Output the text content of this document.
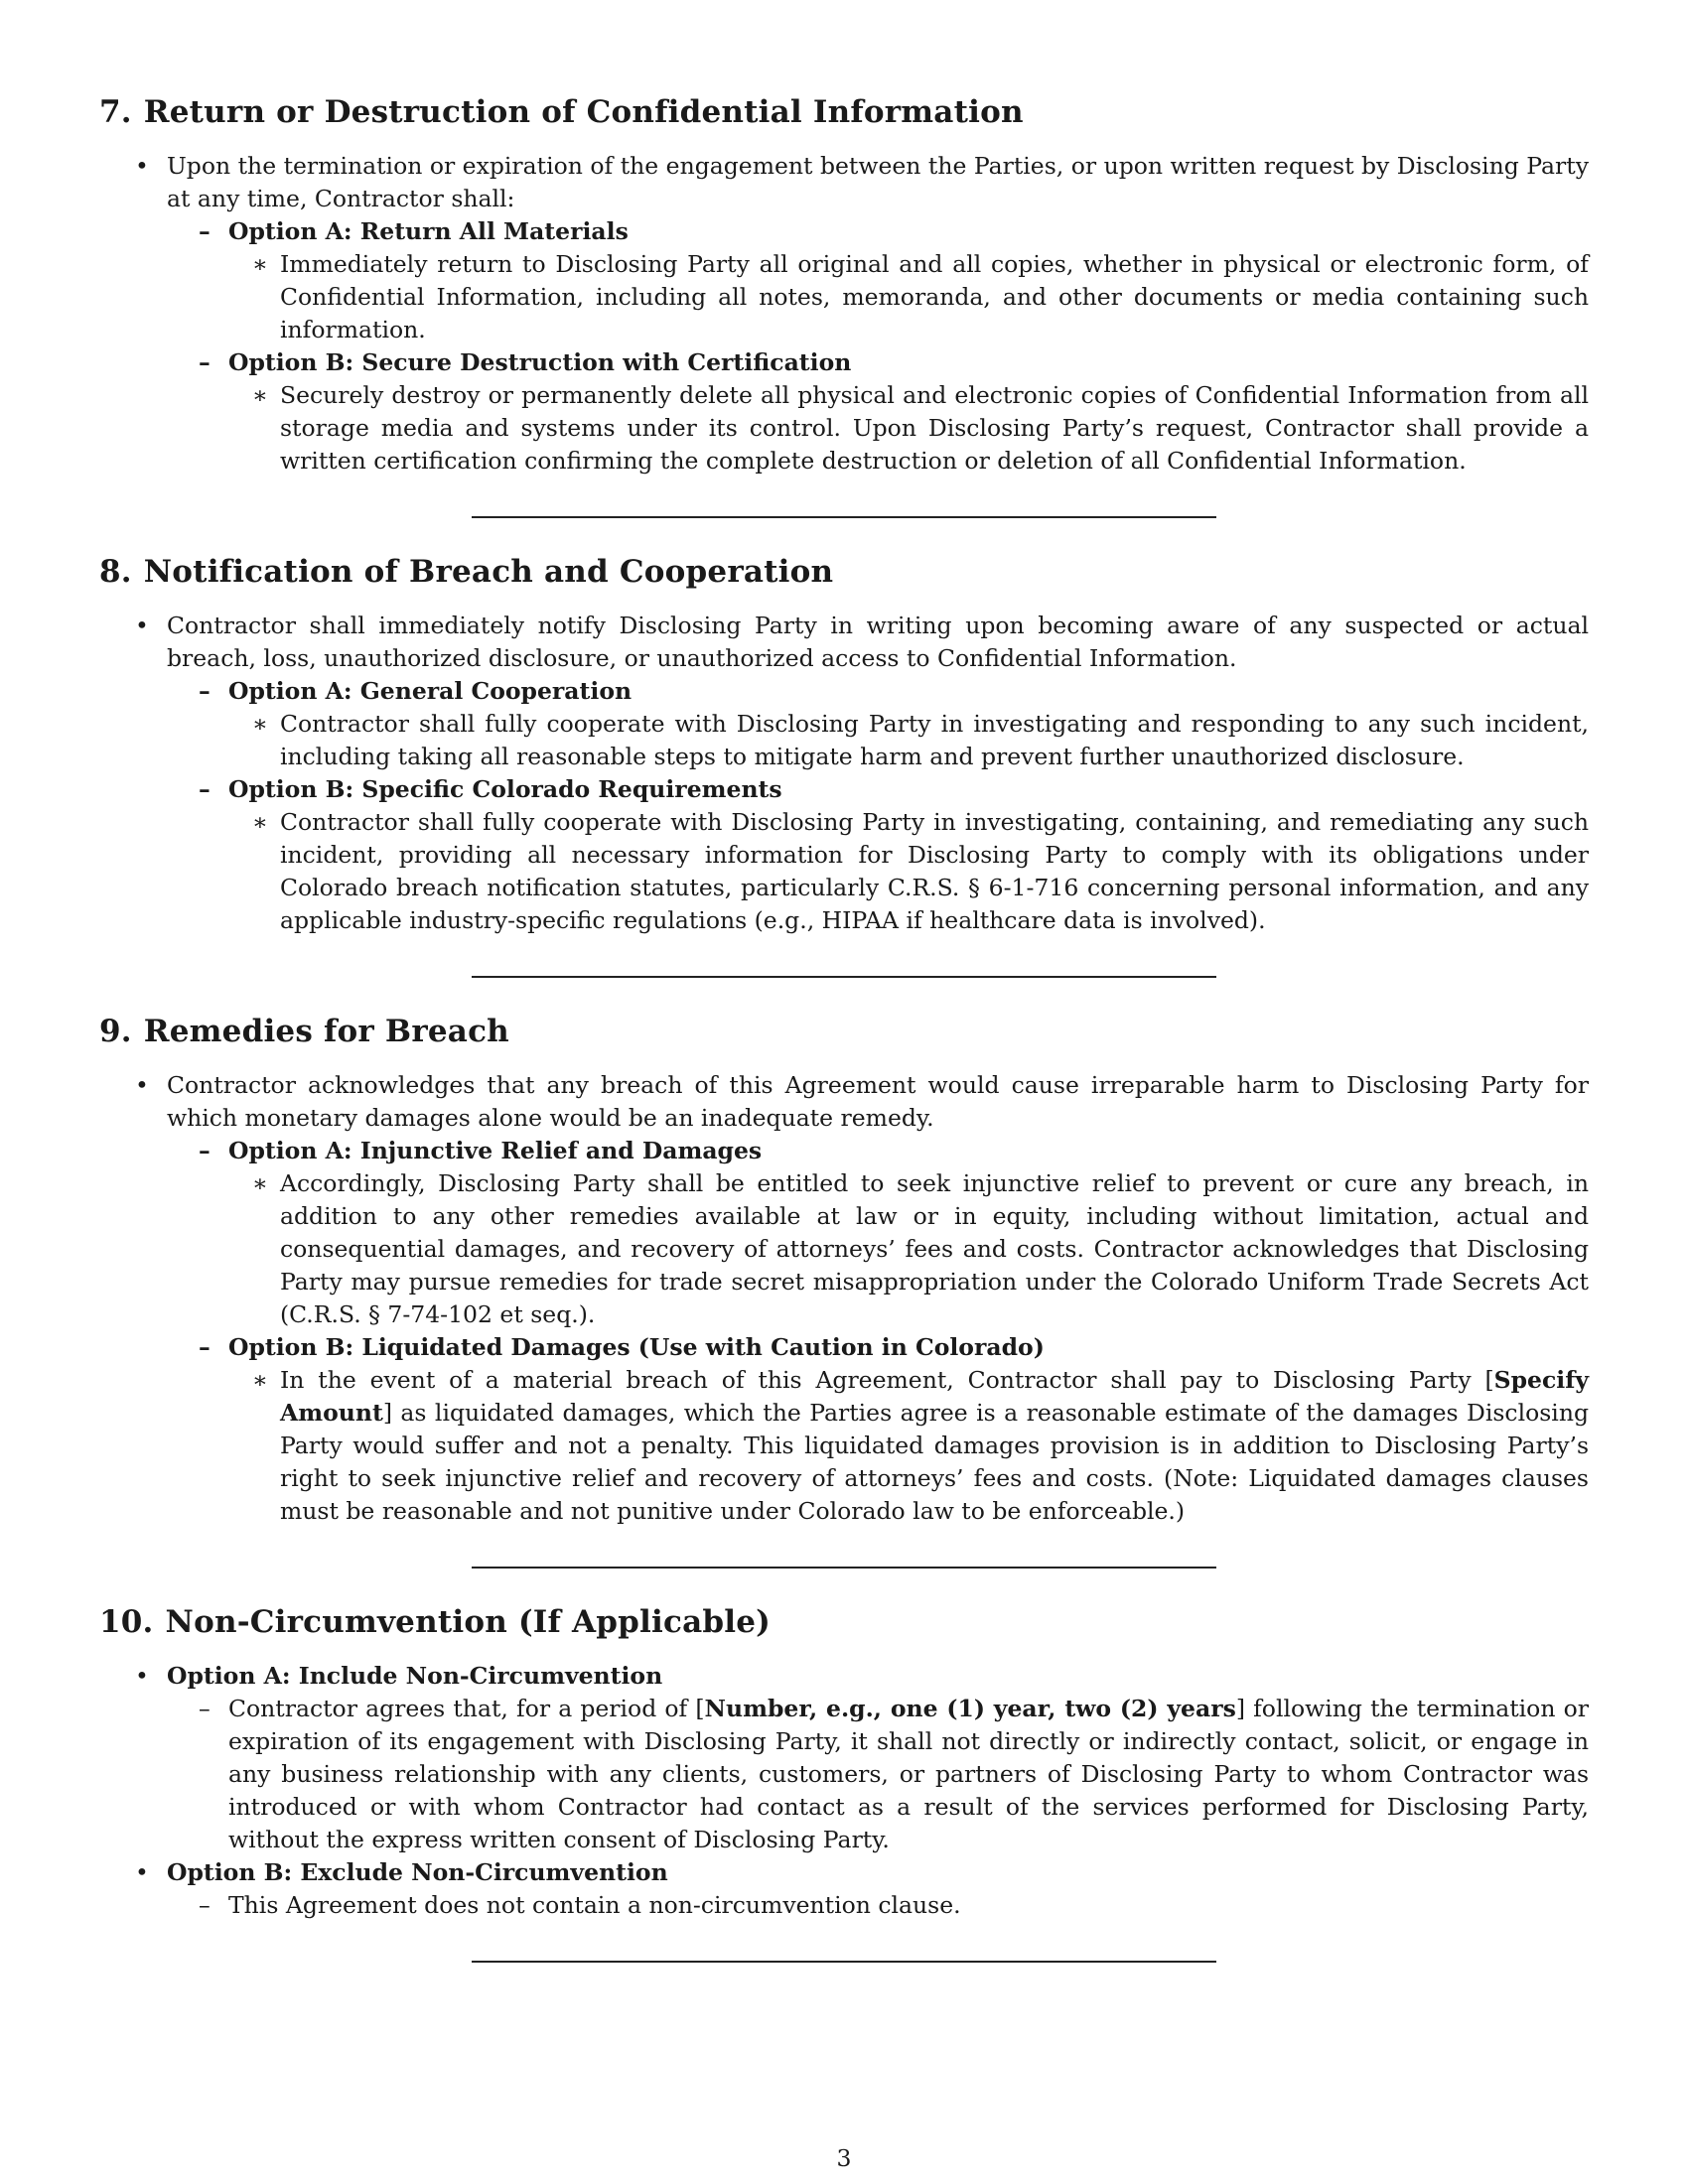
7. Return or Destruction of Confidential Information
• Upon the termination or expiration of the engagement between the Parties, or upon written request by Disclosing Party at any time, Contractor shall:
– Option A: Return All Materials
∗ Immediately return to Disclosing Party all original and all copies, whether in physical or electronic form, of Confidential Information, including all notes, memoranda, and other documents or media containing such information.
– Option B: Secure Destruction with Certification
∗ Securely destroy or permanently delete all physical and electronic copies of Confidential Information from all storage media and systems under its control. Upon Disclosing Party’s request, Contractor shall provide a written certification confirming the complete destruction or deletion of all Confidential Information.
8. Notification of Breach and Cooperation
• Contractor shall immediately notify Disclosing Party in writing upon becoming aware of any suspected or actual breach, loss, unauthorized disclosure, or unauthorized access to Confidential Information.
– Option A: General Cooperation
∗ Contractor shall fully cooperate with Disclosing Party in investigating and responding to any such incident, including taking all reasonable steps to mitigate harm and prevent further unauthorized disclosure.
– Option B: Specific Colorado Requirements
∗ Contractor shall fully cooperate with Disclosing Party in investigating, containing, and remediating any such incident, providing all necessary information for Disclosing Party to comply with its obligations under Colorado breach notification statutes, particularly C.R.S. § 6-1-716 concerning personal information, and any applicable industry-specific regulations (e.g., HIPAA if healthcare data is involved).
9. Remedies for Breach
• Contractor acknowledges that any breach of this Agreement would cause irreparable harm to Disclosing Party for which monetary damages alone would be an inadequate remedy.
– Option A: Injunctive Relief and Damages
∗ Accordingly, Disclosing Party shall be entitled to seek injunctive relief to prevent or cure any breach, in addition to any other remedies available at law or in equity, including without limitation, actual and consequential damages, and recovery of attorneys’ fees and costs. Contractor acknowledges that Disclosing Party may pursue remedies for trade secret misappropriation under the Colorado Uniform Trade Secrets Act (C.R.S. § 7-74-102 et seq.).
– Option B: Liquidated Damages (Use with Caution in Colorado)
∗ In the event of a material breach of this Agreement, Contractor shall pay to Disclosing Party [Specify Amount] as liquidated damages, which the Parties agree is a reasonable estimate of the damages Disclosing Party would suffer and not a penalty. This liquidated damages provision is in addition to Disclosing Party’s right to seek injunctive relief and recovery of attorneys’ fees and costs. (Note: Liquidated damages clauses must be reasonable and not punitive under Colorado law to be enforceable.)
10. Non-Circumvention (If Applicable)
• Option A: Include Non-Circumvention
– Contractor agrees that, for a period of [Number, e.g., one (1) year, two (2) years] following the termination or expiration of its engagement with Disclosing Party, it shall not directly or indirectly contact, solicit, or engage in any business relationship with any clients, customers, or partners of Disclosing Party to whom Contractor was introduced or with whom Contractor had contact as a result of the services performed for Disclosing Party, without the express written consent of Disclosing Party.
• Option B: Exclude Non-Circumvention
– This Agreement does not contain a non-circumvention clause.
3
